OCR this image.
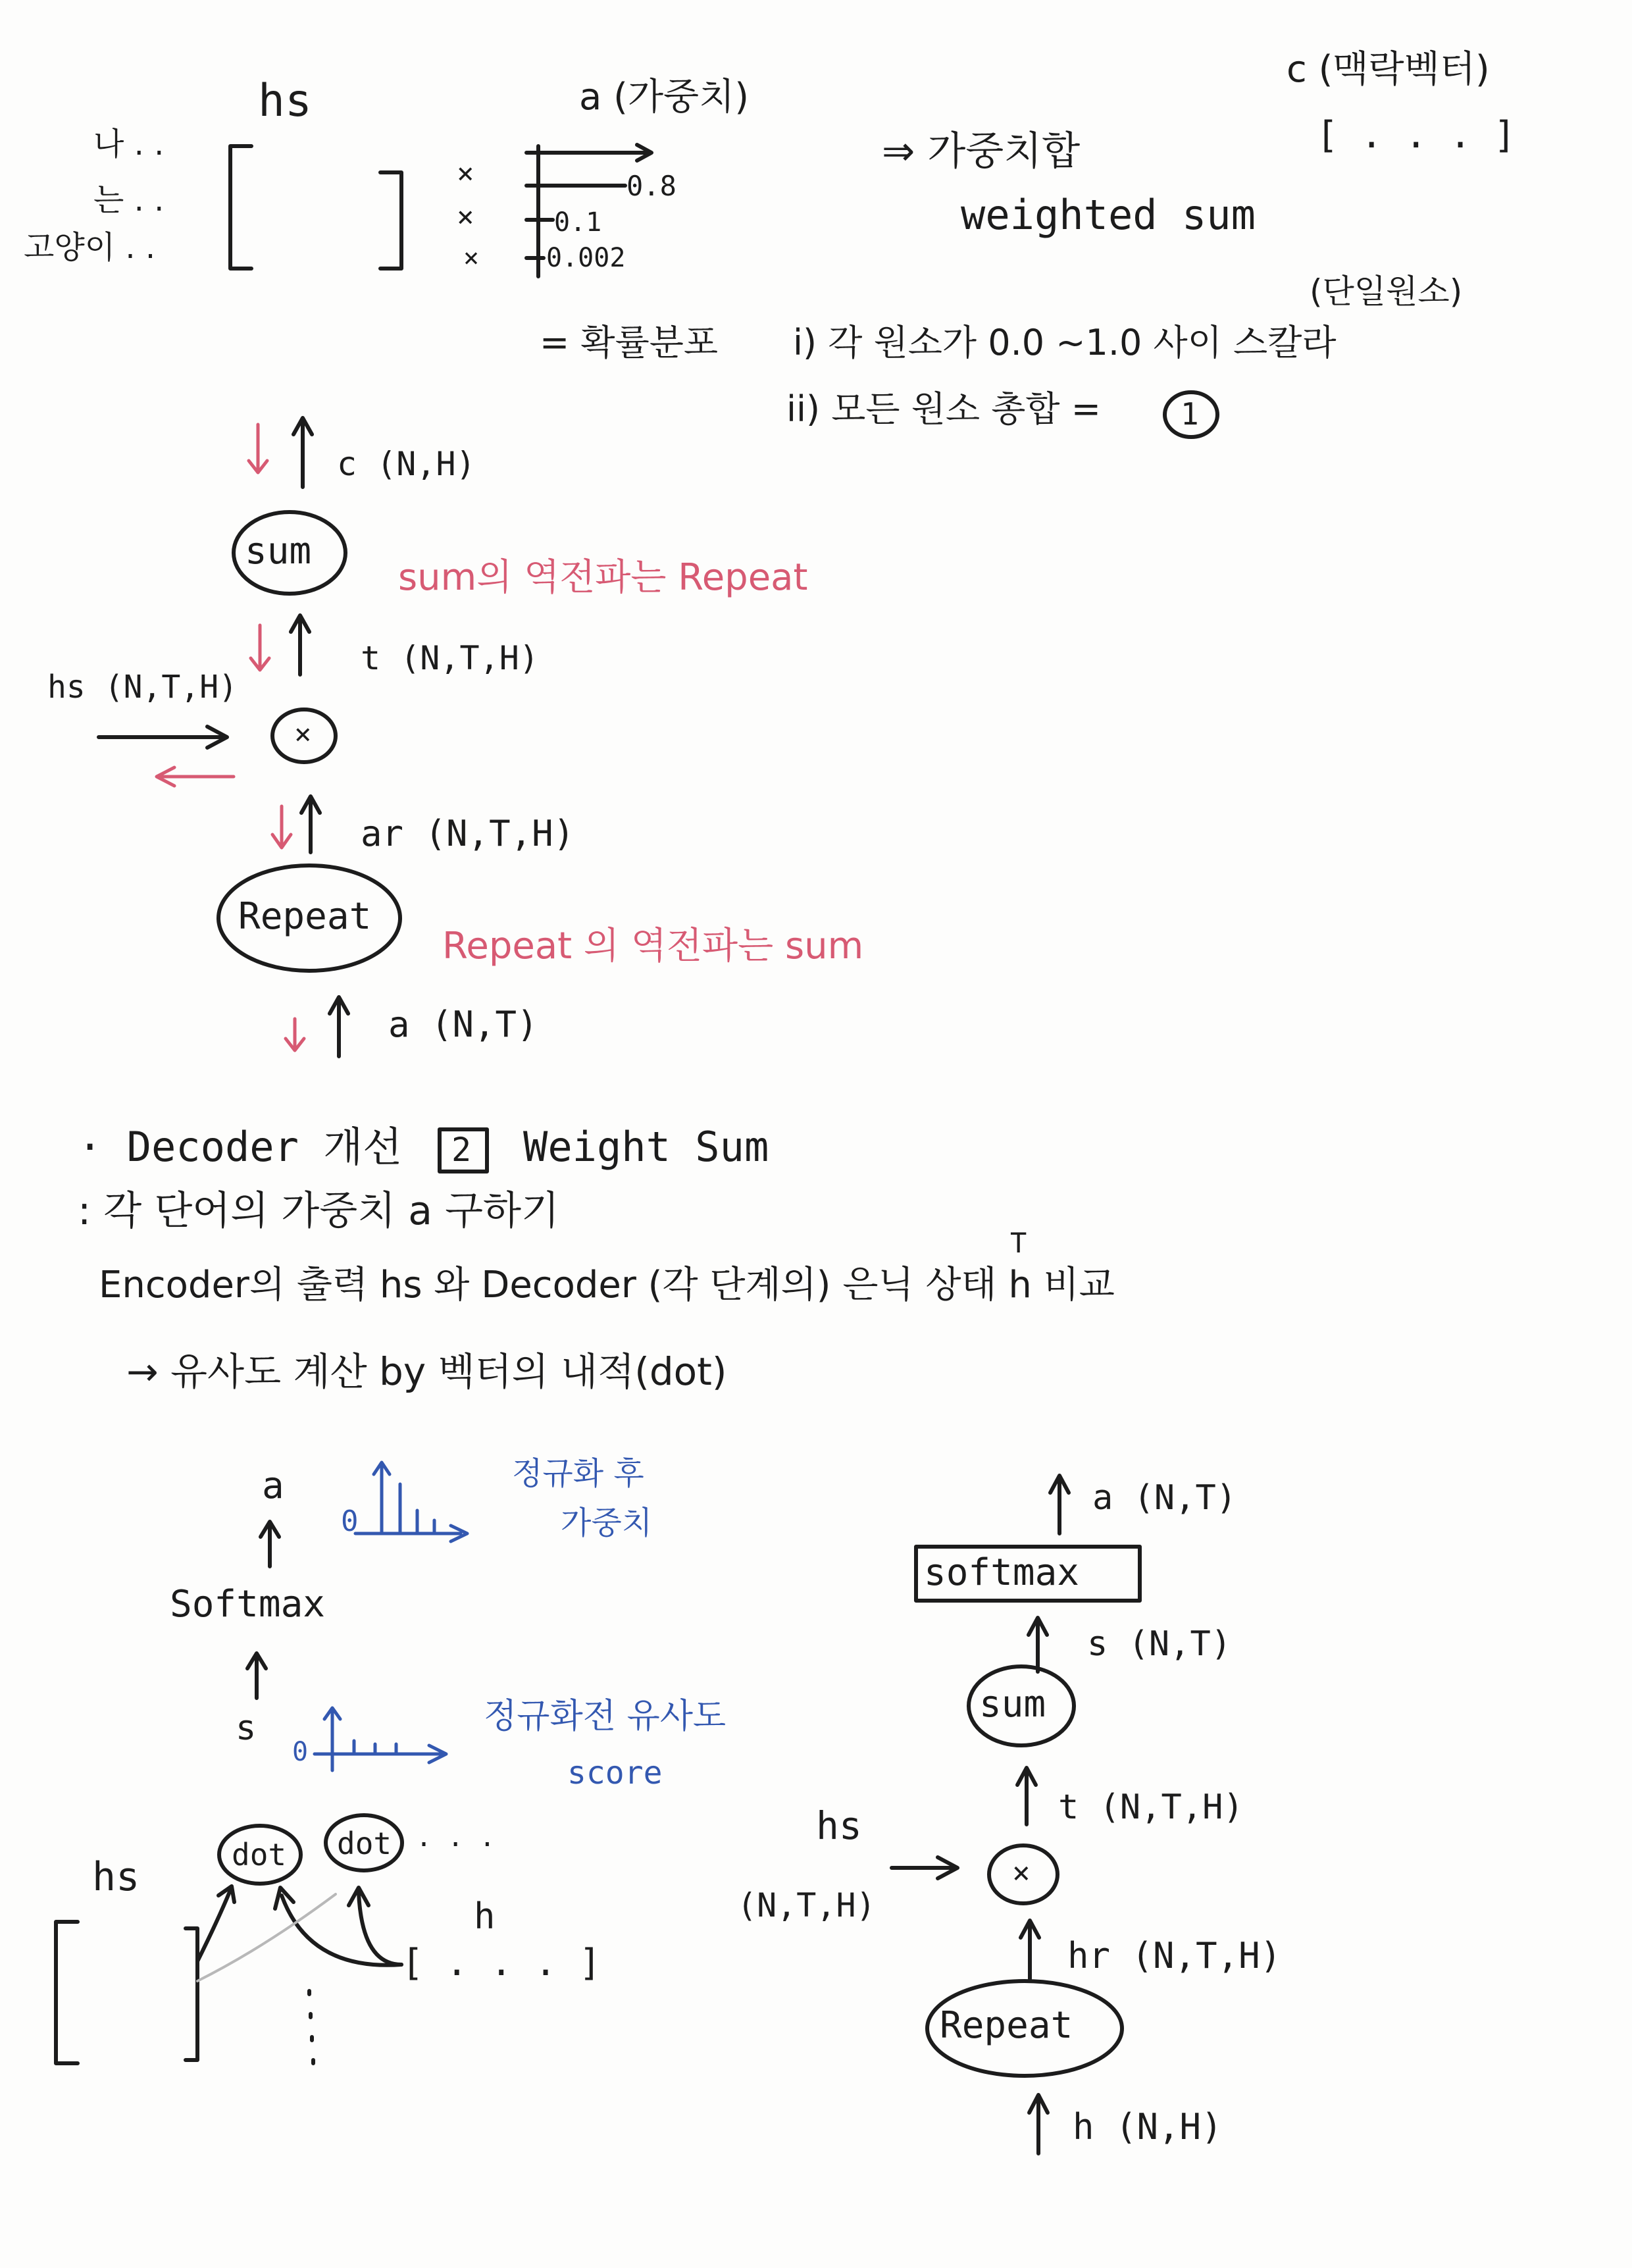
hs	a (가중치)
c (맥락벡터)
[ . . . ]
나 . .
는 . .
고양이 . .
×
×
×
0.8
0.1
0.002
⇒ 가중치합
weighted sum
(단일원소)
= 확률분포 i) 각 원소가 0.0 ~1.0 사이 스칼라
ii) 모든 원소 총합 =	1
c (N,H)
sum
sum의 역전파는 Repeat
t (N,T,H)
hs (N,T,H)
×
ar (N,T,H)
Repeat
Repeat 의 역전파는 sum
a (N,T)
· Decoder 개선 2 Weight Sum
: 각 단어의 가중치 a 구하기
T
Encoder의 출력 hs 와 Decoder (각 단계의) 은닉 상태 h 비교
→ 유사도 계산 by 벡터의 내적(dot)
a
0
정규화 후
가중치
Softmax
s
0
정규화전 유사도
score
dot dot . . .
hs
h
[ . . . ]
a (N,T)
softmax
s (N,T)
sum
t (N,T,H)
hs
(N,T,H)
×
hr (N,T,H)
Repeat
h (N,H)
